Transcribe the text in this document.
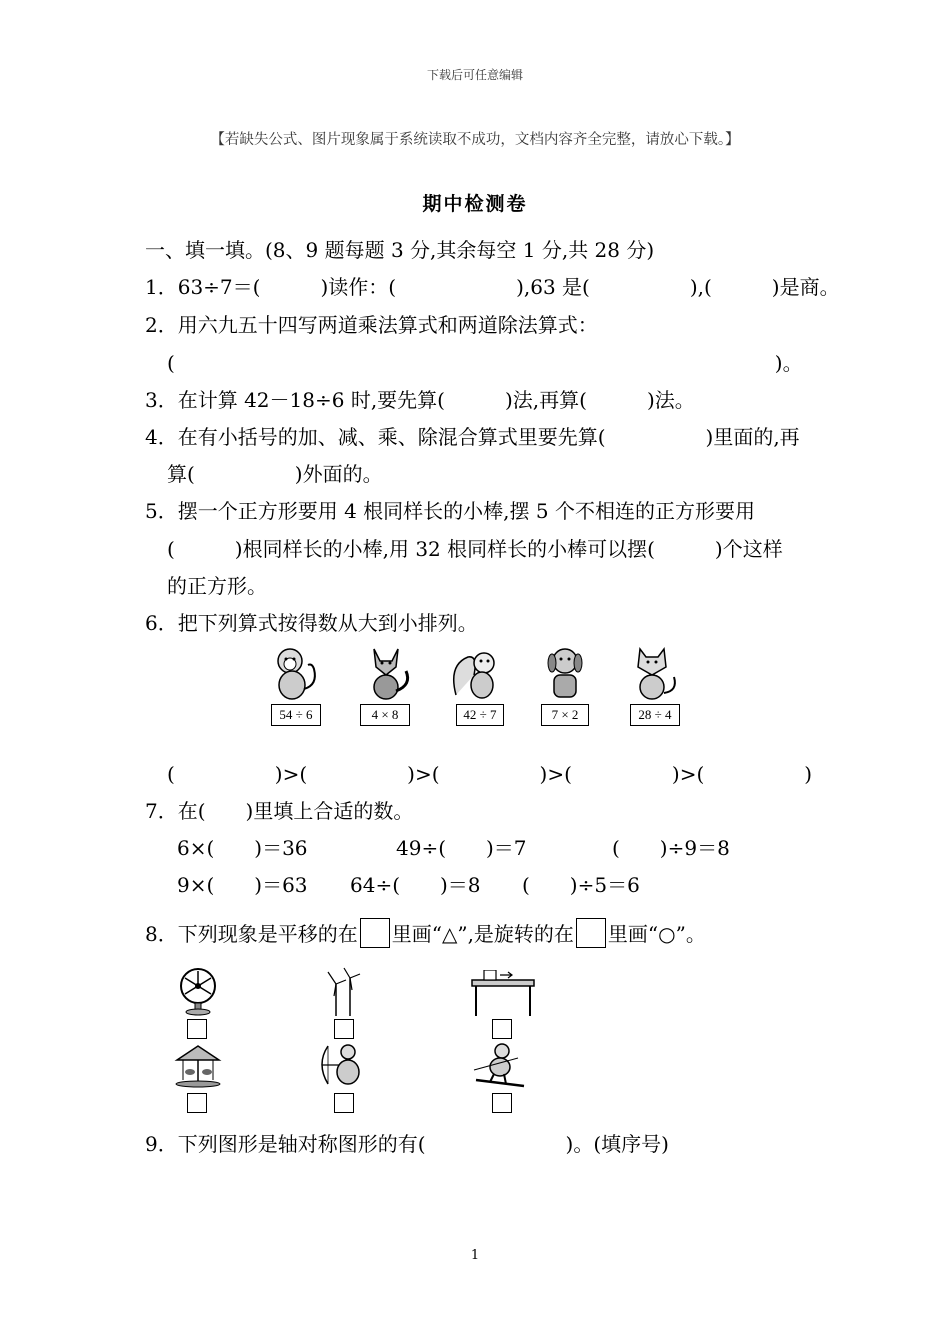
下载后可任意编辑
【若缺失公式、图片现象属于系统读取不成功，文档内容齐全完整，请放心下载。】
期中检测卷
一、填一填。(8、9 题每题 3 分,其余每空 1 分,共 28 分)
1．63÷7＝(　　　)读作：(　　　　　　),63 是(　　　　　),(　　　)是商。
2．用六九五十四写两道乘法算式和两道除法算式：
(　　　　　　　　　　　　　　　　　　　　　　　　　　　　　　)。
3．在计算 42－18÷6 时,要先算(　　　)法,再算(　　　)法。
4．在有小括号的加、减、乘、除混合算式里要先算(　　　　　)里面的,再
算(　　　　　)外面的。
5．摆一个正方形要用 4 根同样长的小棒,摆 5 个不相连的正方形要用
(　　　)根同样长的小棒,用 32 根同样长的小棒可以摆(　　　)个这样
的正方形。
6．把下列算式按得数从大到小排列。
54 ÷ 6	4 × 8	42 ÷ 7	7 × 2	28 ÷ 4
(　　　　　)>(　　　　　)>(　　　　　)>(　　　　　)>(　　　　　)
7．在(　　)里填上合适的数。
6×(　　)＝36	49÷(　　)＝7	(　　)÷9＝8
9×(　　)＝63 64÷(　　)＝8 (　　)÷5＝6
8．下列现象是平移的在 里画“△”,是旋转的在 里画“○”。
9．下列图形是轴对称图形的有(　　　　　　　)。(填序号)
1
